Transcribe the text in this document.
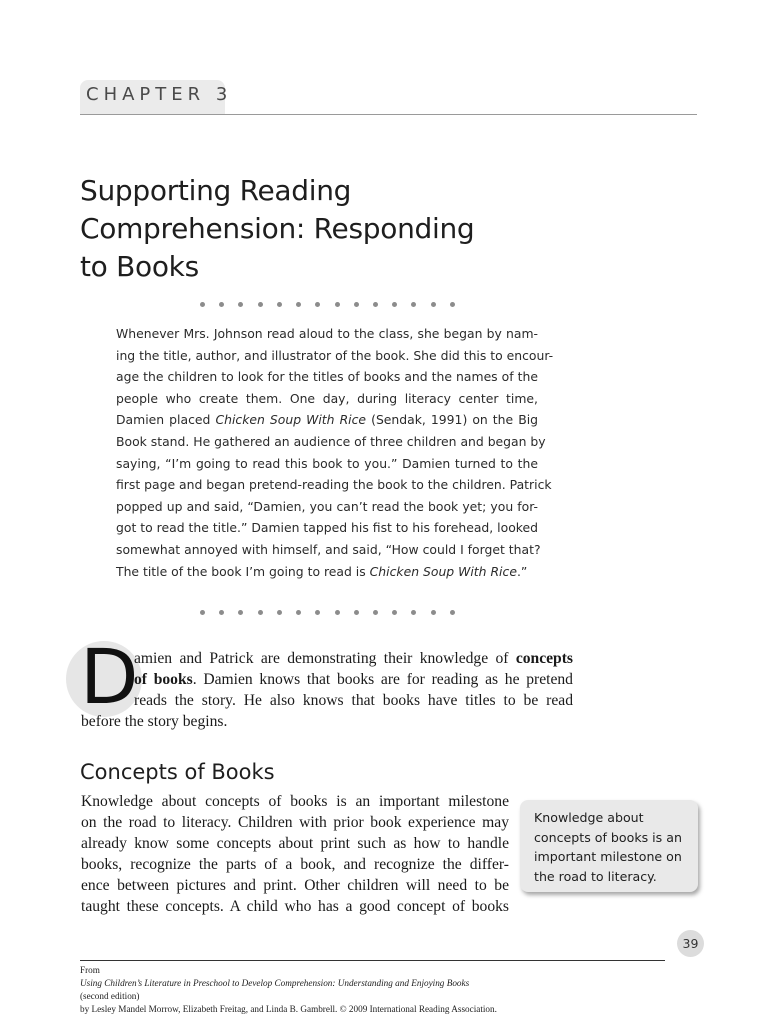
CHAPTER 3
Supporting Reading
Comprehension: Responding
to Books
Whenever Mrs. Johnson read aloud to the class, she began by nam-
ing the title, author, and illustrator of the book. She did this to encour-
age the children to look for the titles of books and the names of the
people who create them. One day, during literacy center time,
Damien placed Chicken Soup With Rice (Sendak, 1991) on the Big
Book stand. He gathered an audience of three children and began by
saying, “I’m going to read this book to you.” Damien turned to the
first page and began pretend-reading the book to the children. Patrick
popped up and said, “Damien, you can’t read the book yet; you for-
got to read the title.” Damien tapped his fist to his forehead, looked
somewhat annoyed with himself, and said, “How could I forget that?
The title of the book I’m going to read is Chicken Soup With Rice.”
D
amien and Patrick are demonstrating their knowledge of concepts
of books. Damien knows that books are for reading as he pretend
reads the story. He also knows that books have titles to be read
before the story begins.
Concepts of Books
Knowledge about concepts of books is an important milestone
on the road to literacy. Children with prior book experience may
already know some concepts about print such as how to handle
books, recognize the parts of a book, and recognize the differ-
ence between pictures and print. Other children will need to be
taught these concepts. A child who has a good concept of books
Knowledge about
concepts of books is an
important milestone on
the road to literacy.
39
From
Using Children’s Literature in Preschool to Develop Comprehension: Understanding and Enjoying Books
(second edition)
by Lesley Mandel Morrow, Elizabeth Freitag, and Linda B. Gambrell. © 2009 International Reading Association.
